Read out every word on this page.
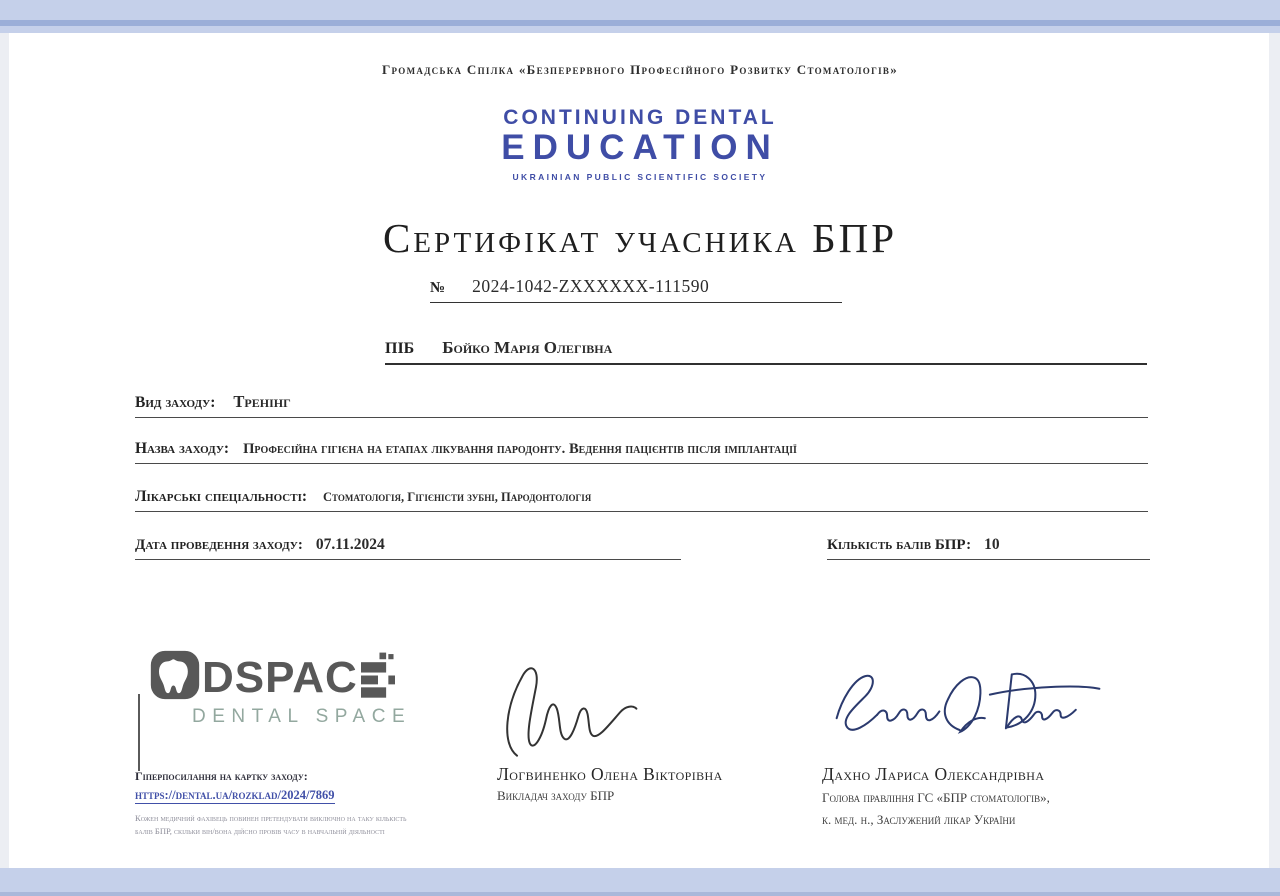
Громадська Спілка «Безперервного Професійного Розвитку Стоматологів»
CONTINUING DENTAL
EDUCATION
UKRAINIAN PUBLIC SCIENTIFIC SOCIETY
Сертифікат учасника БПР
№ 2024-1042-ZXXXXXX-111590
ПІБ Бойко Марія Олегівна
Вид заходу: Тренінг
Назва заходу: Професійна гігієна на етапах лікування пародонту. Ведення пацієнтів після імплантації
Лікарські спеціальності: Стоматологія, Гігієністи зубні, Пародонтологія
Дата проведення заходу: 07.11.2024	Кількість балів БПР: 10
DSPAC
DENTAL SPACE
Гіперпосилання на картку заходу:
https://dental.ua/rozklad/2024/7869
Кожен медичний фахівець повинен претендувати виключно на таку кількість балів БПР, скільки він/вона дійсно провів часу в навчальній діяльності
Логвиненко Олена Вікторівна
Викладач заходу БПР
Дахно Лариса Олександрівна
Голова правління ГС «БПР стоматологів»,
к. мед. н., Заслужений лікар України
